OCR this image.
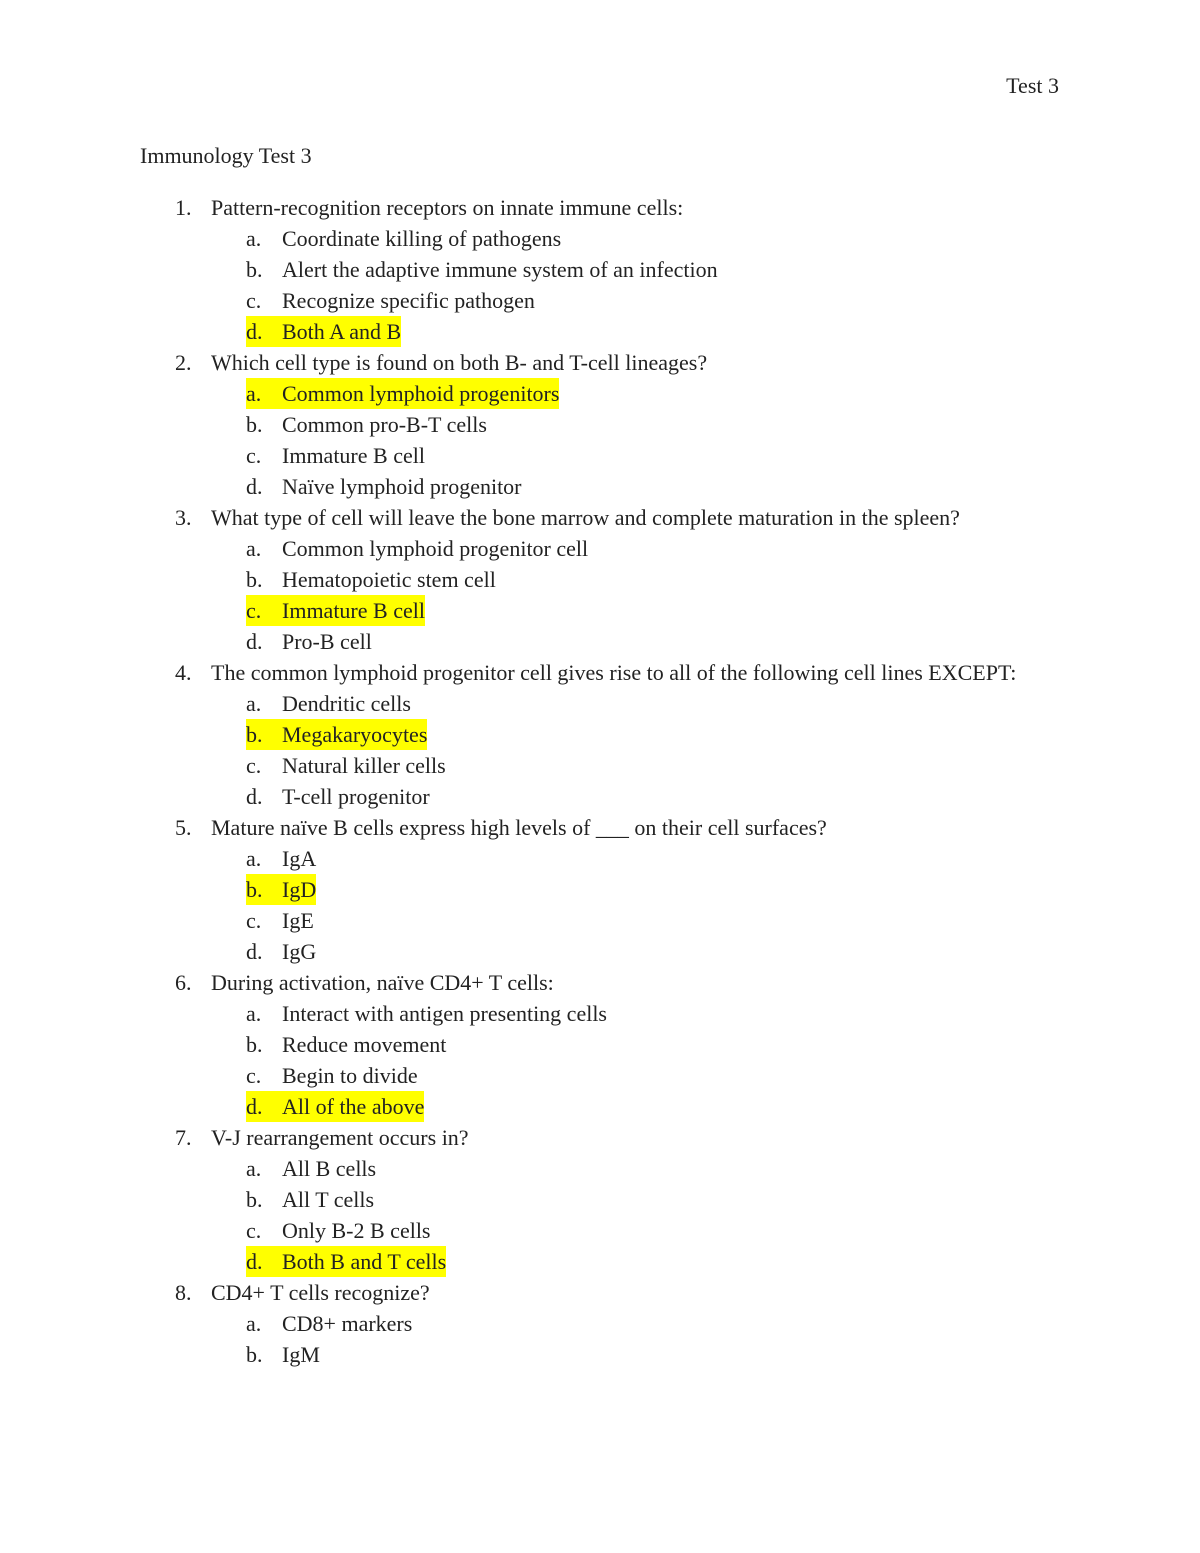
Test 3
Immunology Test 3
1. Pattern-recognition receptors on innate immune cells:

a. Coordinate killing of pathogens
b. Alert the adaptive immune system of an infection
c. Recognize specific pathogen
d. Both A and B
2. Which cell type is found on both B- and T-cell lineages?

a. Common lymphoid progenitors
b. Common pro-B-T cells
c. Immature B cell
d. Naïve lymphoid progenitor
3. What type of cell will leave the bone marrow and complete maturation in the spleen?

a. Common lymphoid progenitor cell
b. Hematopoietic stem cell
c. Immature B cell
d. Pro-B cell
4. The common lymphoid progenitor cell gives rise to all of the following cell lines EXCEPT:

a. Dendritic cells
b. Megakaryocytes
c. Natural killer cells
d. T-cell progenitor
5. Mature naïve B cells express high levels of ___ on their cell surfaces?

a. IgA
b. IgD
c. IgE
d. IgG
6. During activation, naïve CD4+ T cells:

a. Interact with antigen presenting cells
b. Reduce movement
c. Begin to divide
d. All of the above
7. V-J rearrangement occurs in?

a. All B cells
b. All T cells
c. Only B-2 B cells
d. Both B and T cells
8. CD4+ T cells recognize?

a. CD8+ markers
b. IgM
